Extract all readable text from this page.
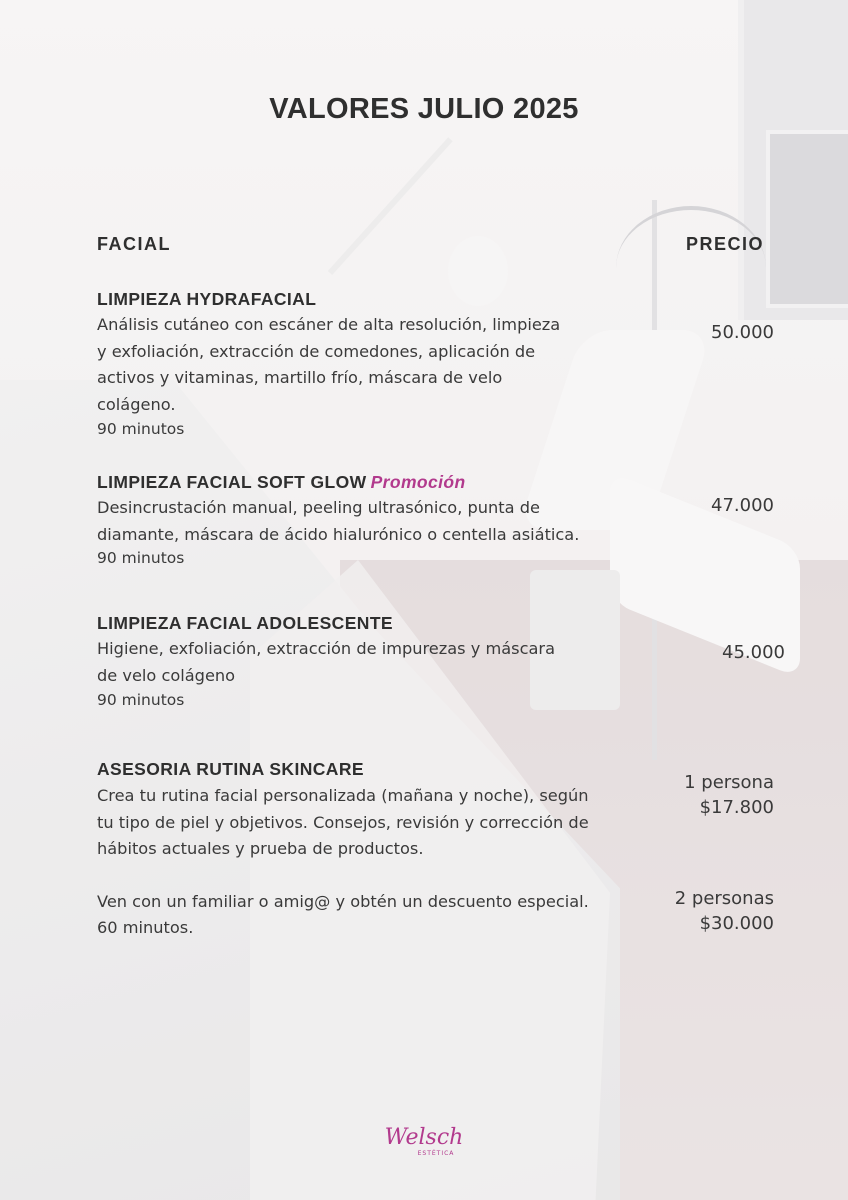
VALORES JULIO 2025
FACIAL	PRECIO
LIMPIEZA HYDRAFACIAL
Análisis cutáneo con escáner de alta resolución, limpieza
y exfoliación, extracción de comedones, aplicación de
activos y vitaminas, martillo frío, máscara de velo
colágeno.
90 minutos
50.000
LIMPIEZA FACIAL SOFT GLOW Promoción
Desincrustación manual, peeling ultrasónico, punta de
diamante, máscara de ácido hialurónico o centella asiática.
90 minutos
47.000
LIMPIEZA FACIAL ADOLESCENTE
Higiene, exfoliación, extracción de impurezas y máscara
de velo colágeno
90 minutos
45.000
ASESORIA RUTINA SKINCARE
Crea tu rutina facial personalizada (mañana y noche), según
tu tipo de piel y objetivos. Consejos, revisión y corrección de
hábitos actuales y prueba de productos.
Ven con un familiar o amig@ y obtén un descuento especial.
60 minutos.
1 persona
$17.800
2 personas
$30.000
Welsch
ESTÉTICA
